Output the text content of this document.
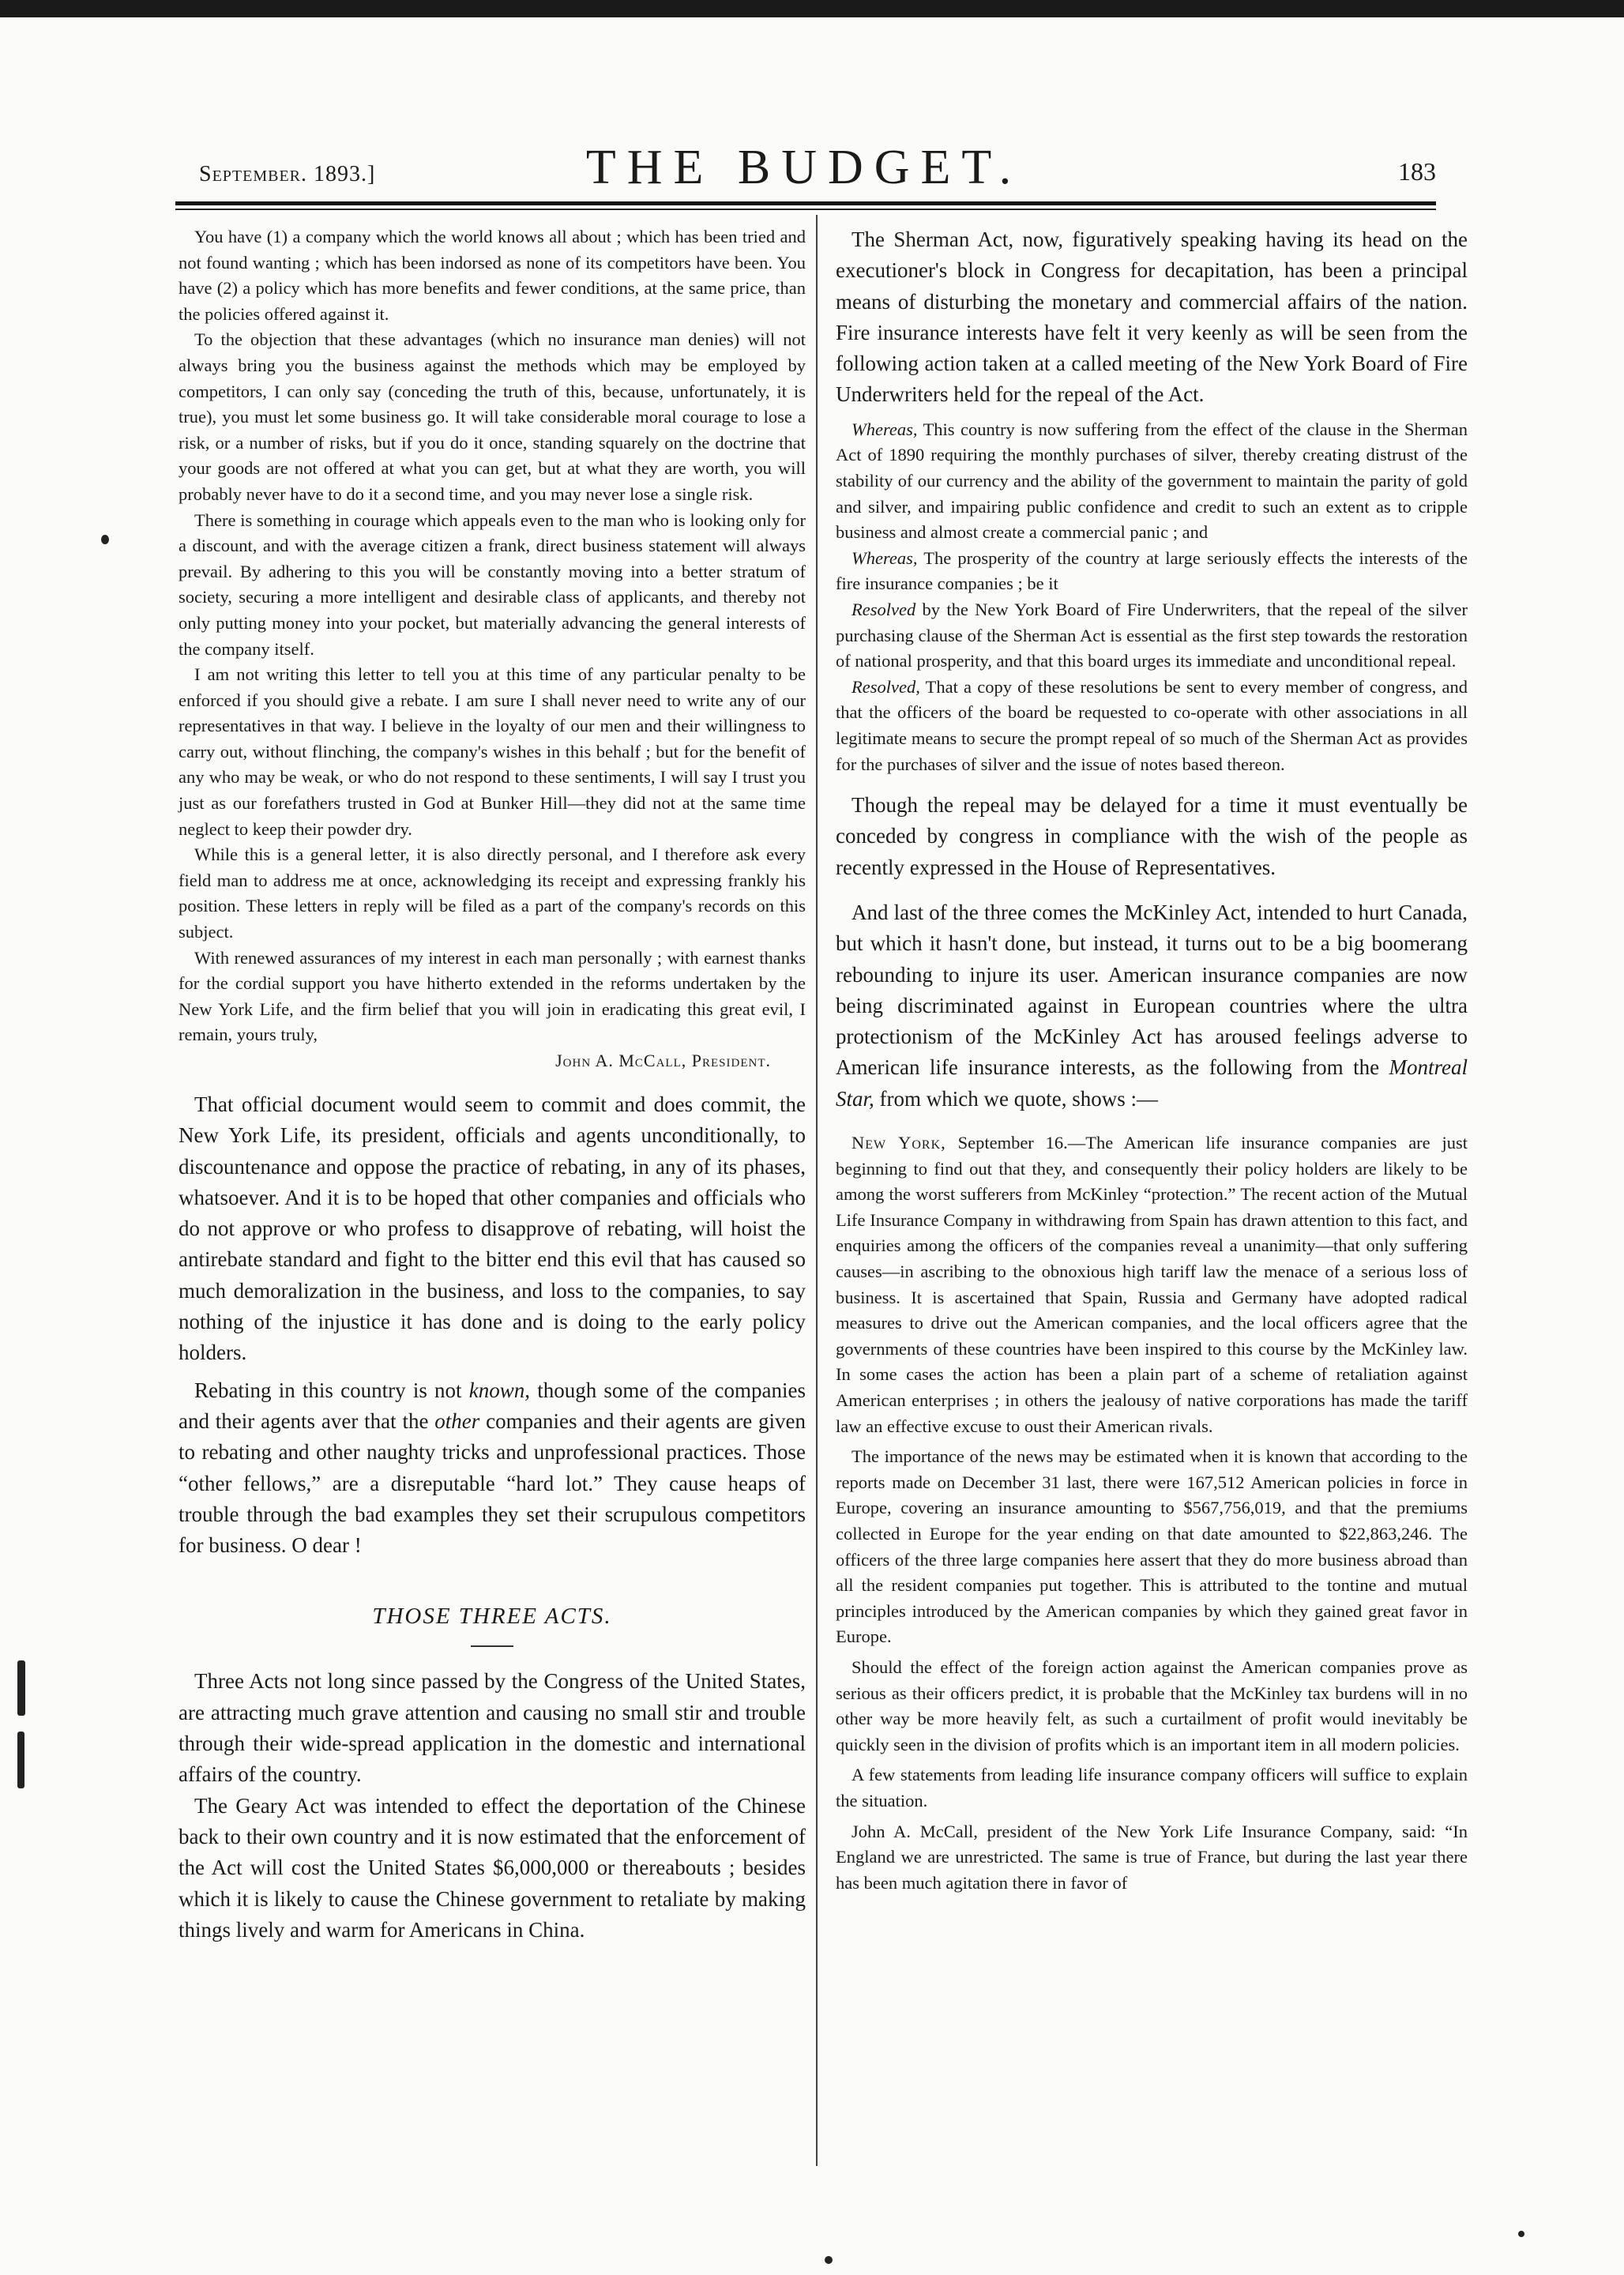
September. 1893.]	THE BUDGET.	183

You have (1) a company which the world knows all about ; which has been tried and not found wanting ; which has been indorsed as none of its competitors have been. You have (2) a policy which has more benefits and fewer conditions, at the same price, than the policies offered against it.

To the objection that these advantages (which no insurance man denies) will not always bring you the business against the methods which may be employed by competitors, I can only say (conceding the truth of this, because, unfortunately, it is true), you must let some business go. It will take considerable moral courage to lose a risk, or a number of risks, but if you do it once, standing squarely on the doctrine that your goods are not offered at what you can get, but at what they are worth, you will probably never have to do it a second time, and you may never lose a single risk.

There is something in courage which appeals even to the man who is looking only for a discount, and with the average citizen a frank, direct business statement will always prevail. By adhering to this you will be constantly moving into a better stratum of society, securing a more intelligent and desirable class of applicants, and thereby not only putting money into your pocket, but materially advancing the general interests of the company itself.

I am not writing this letter to tell you at this time of any particular penalty to be enforced if you should give a rebate. I am sure I shall never need to write any of our representatives in that way. I believe in the loyalty of our men and their willingness to carry out, without flinching, the company's wishes in this behalf ; but for the benefit of any who may be weak, or who do not respond to these sentiments, I will say I trust you just as our forefathers trusted in God at Bunker Hill—they did not at the same time neglect to keep their powder dry.

While this is a general letter, it is also directly personal, and I therefore ask every field man to address me at once, acknowledging its receipt and expressing frankly his position. These letters in reply will be filed as a part of the company's records on this subject.

With renewed assurances of my interest in each man personally ; with earnest thanks for the cordial support you have hitherto extended in the reforms undertaken by the New York Life, and the firm belief that you will join in eradicating this great evil, I remain, yours truly,

John A. McCall, President.

That official document would seem to commit and does commit, the New York Life, its president, officials and agents unconditionally, to discountenance and oppose the practice of rebating, in any of its phases, whatsoever. And it is to be hoped that other companies and officials who do not approve or who profess to disapprove of rebating, will hoist the antirebate standard and fight to the bitter end this evil that has caused so much demoralization in the business, and loss to the companies, to say nothing of the injustice it has done and is doing to the early policy holders.

Rebating in this country is not known, though some of the companies and their agents aver that the other companies and their agents are given to rebating and other naughty tricks and unprofessional practices. Those “other fellows,” are a disreputable “hard lot.” They cause heaps of trouble through the bad examples they set their scrupulous competitors for business. O dear !

THOSE THREE ACTS.

Three Acts not long since passed by the Congress of the United States, are attracting much grave attention and causing no small stir and trouble through their wide-spread application in the domestic and international affairs of the country.

The Geary Act was intended to effect the deportation of the Chinese back to their own country and it is now estimated that the enforcement of the Act will cost the United States $6,000,000 or thereabouts ; besides which it is likely to cause the Chinese government to retaliate by making things lively and warm for Americans in China.

The Sherman Act, now, figuratively speaking having its head on the executioner's block in Congress for decapitation, has been a principal means of disturbing the monetary and commercial affairs of the nation. Fire insurance interests have felt it very keenly as will be seen from the following action taken at a called meeting of the New York Board of Fire Underwriters held for the repeal of the Act.

Whereas, This country is now suffering from the effect of the clause in the Sherman Act of 1890 requiring the monthly purchases of silver, thereby creating distrust of the stability of our currency and the ability of the government to maintain the parity of gold and silver, and impairing public confidence and credit to such an extent as to cripple business and almost create a commercial panic ; and

Whereas, The prosperity of the country at large seriously effects the interests of the fire insurance companies ; be it

Resolved by the New York Board of Fire Underwriters, that the repeal of the silver purchasing clause of the Sherman Act is essential as the first step towards the restoration of national prosperity, and that this board urges its immediate and unconditional repeal.

Resolved, That a copy of these resolutions be sent to every member of congress, and that the officers of the board be requested to co-operate with other associations in all legitimate means to secure the prompt repeal of so much of the Sherman Act as provides for the purchases of silver and the issue of notes based thereon.

Though the repeal may be delayed for a time it must eventually be conceded by congress in compliance with the wish of the people as recently expressed in the House of Representatives.

And last of the three comes the McKinley Act, intended to hurt Canada, but which it hasn't done, but instead, it turns out to be a big boomerang rebounding to injure its user. American insurance companies are now being discriminated against in European countries where the ultra protectionism of the McKinley Act has aroused feelings adverse to American life insurance interests, as the following from the Montreal Star, from which we quote, shows :—

New York, September 16.—The American life insurance companies are just beginning to find out that they, and consequently their policy holders are likely to be among the worst sufferers from McKinley “protection.” The recent action of the Mutual Life Insurance Company in withdrawing from Spain has drawn attention to this fact, and enquiries among the officers of the companies reveal a unanimity—that only suffering causes—in ascribing to the obnoxious high tariff law the menace of a serious loss of business. It is ascertained that Spain, Russia and Germany have adopted radical measures to drive out the American companies, and the local officers agree that the governments of these countries have been inspired to this course by the McKinley law. In some cases the action has been a plain part of a scheme of retaliation against American enterprises ; in others the jealousy of native corporations has made the tariff law an effective excuse to oust their American rivals.

The importance of the news may be estimated when it is known that according to the reports made on December 31 last, there were 167,512 American policies in force in Europe, covering an insurance amounting to $567,756,019, and that the premiums collected in Europe for the year ending on that date amounted to $22,863,246. The officers of the three large companies here assert that they do more business abroad than all the resident companies put together. This is attributed to the tontine and mutual principles introduced by the American companies by which they gained great favor in Europe.

Should the effect of the foreign action against the American companies prove as serious as their officers predict, it is probable that the McKinley tax burdens will in no other way be more heavily felt, as such a curtailment of profit would inevitably be quickly seen in the division of profits which is an important item in all modern policies.

A few statements from leading life insurance company officers will suffice to explain the situation.

John A. McCall, president of the New York Life Insurance Company, said: “In England we are unrestricted. The same is true of France, but during the last year there has been much agitation there in favor of
